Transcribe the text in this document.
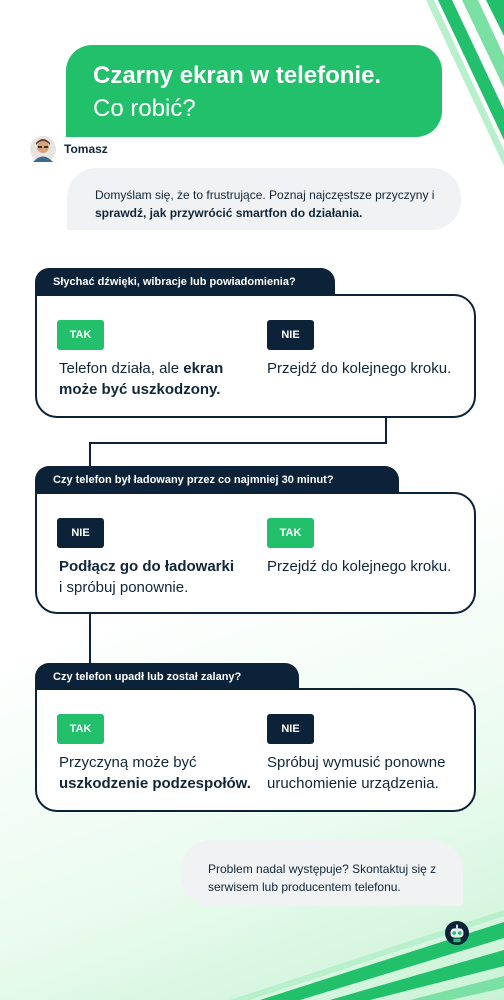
Czarny ekran w telefonie.
Co robić?
Tomasz
Domyślam się, że to frustrujące. Poznaj najczęstsze przyczyny i sprawdź, jak przywrócić smartfon do działania.
Słychać dźwięki, wibracje lub powiadomienia?
TAK
Telefon działa, ale ekran może być uszkodzony.
NIE
Przejdź do kolejnego kroku.
Czy telefon był ładowany przez co najmniej 30 minut?
NIE
Podłącz go do ładowarki
i spróbuj ponownie.
TAK
Przejdź do kolejnego kroku.
Czy telefon upadł lub został zalany?
TAK
Przyczyną może być
uszkodzenie podzespołów.
NIE
Spróbuj wymusić ponowne uruchomienie urządzenia.
Problem nadal występuje? Skontaktuj się z serwisem lub producentem telefonu.
